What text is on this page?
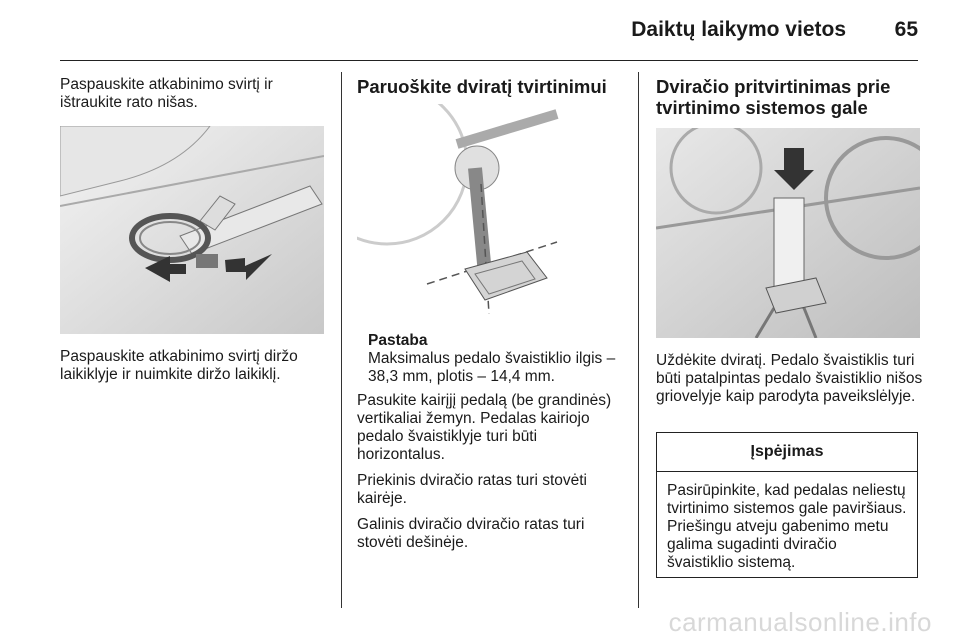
Daiktų laikymo vietos 65

Paspauskite atkabinimo svirtį ir ištraukite rato nišas.

Paspauskite atkabinimo svirtį diržo laikiklyje ir nuimkite diržo laikiklį.

Paruoškite dviratį tvirtinimui

Pastaba

Maksimalus pedalo švaistiklio ilgis – 38,3 mm, plotis – 14,4 mm.

Pasukite kairįjį pedalą (be grandinės) vertikaliai žemyn. Pedalas kairiojo pedalo švaistiklyje turi būti horizontalus.

Priekinis dviračio ratas turi stovėti kairėje.

Galinis dviračio dviračio ratas turi stovėti dešinėje.

Dviračio pritvirtinimas prie tvirtinimo sistemos gale

Uždėkite dviratį. Pedalo švaistiklis turi būti patalpintas pedalo švaistiklio nišos griovelyje kaip parodyta paveikslėlyje.

Įspėjimas
Pasirūpinkite, kad pedalas neliestų tvirtinimo sistemos gale paviršiaus. Priešingu atveju gabenimo metu galima sugadinti dviračio švaistiklio sistemą.
carmanualsonline.info
